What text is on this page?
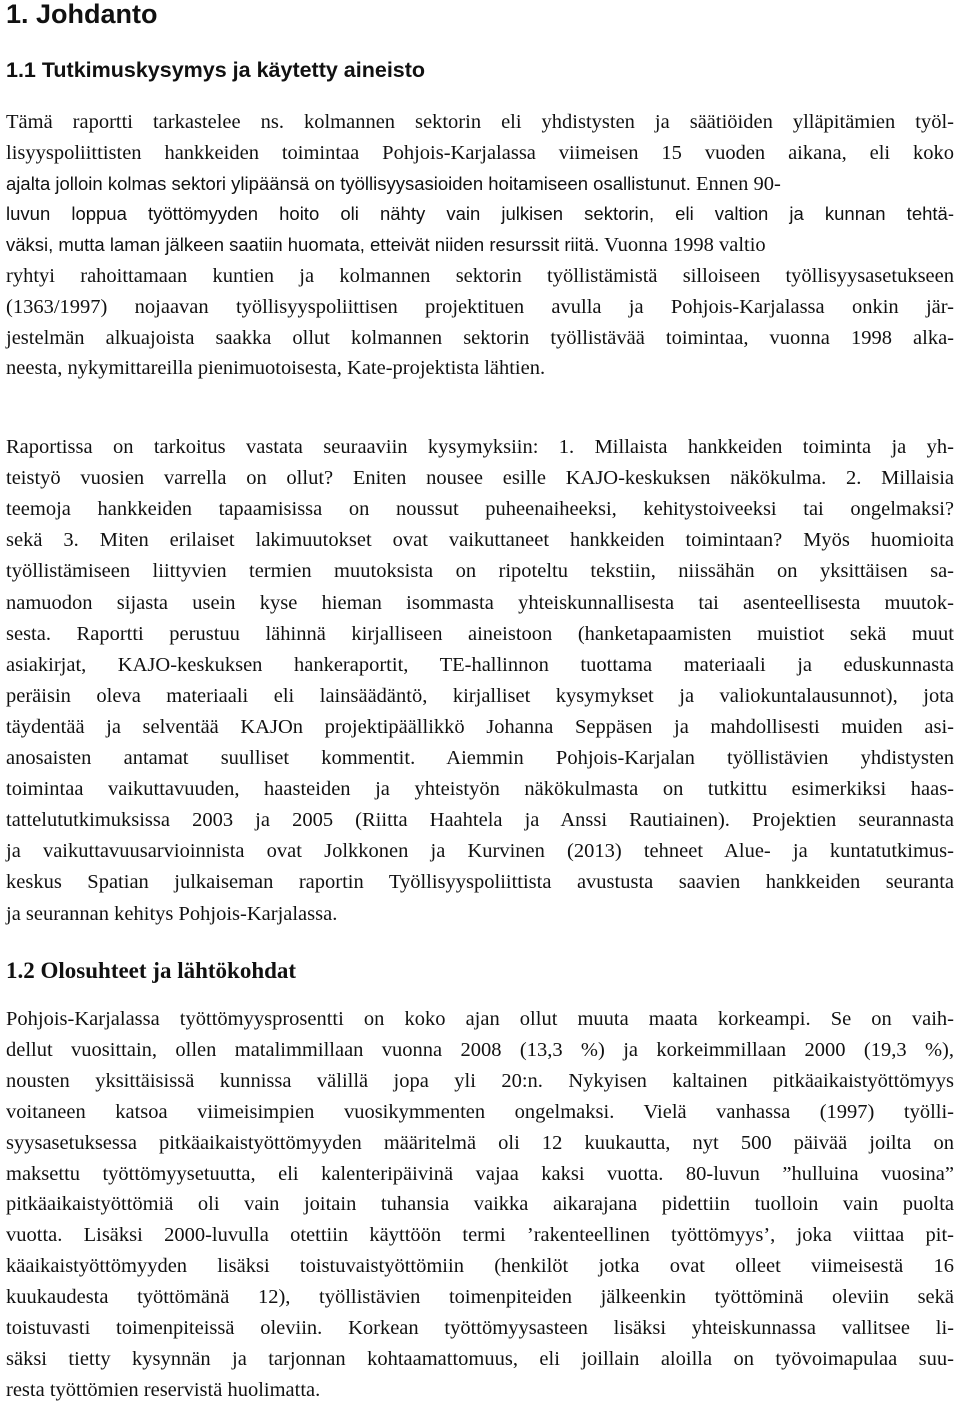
1. Johdanto
1.1 Tutkimuskysymys ja käytetty aineisto
Tämä raportti tarkastelee ns. kolmannen sektorin eli yhdistysten ja säätiöiden ylläpitämien työl-
lisyyspoliittisten hankkeiden toimintaa Pohjois-Karjalassa viimeisen 15 vuoden aikana, eli koko
ajalta jolloin kolmas sektori ylipäänsä on työllisyysasioiden hoitamiseen osallistunut. Ennen 90-
luvun loppua työttömyyden hoito oli nähty vain julkisen sektorin, eli valtion ja kunnan tehtä-
väksi, mutta laman jälkeen saatiin huomata, etteivät niiden resurssit riitä. Vuonna 1998 valtio
ryhtyi rahoittamaan kuntien ja kolmannen sektorin työllistämistä silloiseen työllisyysasetukseen
(1363/1997) nojaavan työllisyyspoliittisen projektituen avulla ja Pohjois-Karjalassa onkin jär-
jestelmän alkuajoista saakka ollut kolmannen sektorin työllistävää toimintaa, vuonna 1998 alka-
neesta, nykymittareilla pienimuotoisesta, Kate-projektista lähtien.
Raportissa on tarkoitus vastata seuraaviin kysymyksiin: 1. Millaista hankkeiden toiminta ja yh-
teistyö vuosien varrella on ollut? Eniten nousee esille KAJO-keskuksen näkökulma. 2. Millaisia
teemoja hankkeiden tapaamisissa on noussut puheenaiheeksi, kehitystoiveeksi tai ongelmaksi?
sekä 3. Miten erilaiset lakimuutokset ovat vaikuttaneet hankkeiden toimintaan? Myös huomioita
työllistämiseen liittyvien termien muutoksista on ripoteltu tekstiin, niissähän on yksittäisen sa-
namuodon sijasta usein kyse hieman isommasta yhteiskunnallisesta tai asenteellisesta muutok-
sesta. Raportti perustuu lähinnä kirjalliseen aineistoon (hanketapaamisten muistiot sekä muut
asiakirjat, KAJO-keskuksen hankeraportit, TE-hallinnon tuottama materiaali ja eduskunnasta
peräisin oleva materiaali eli lainsäädäntö, kirjalliset kysymykset ja valiokuntalausunnot), jota
täydentää ja selventää KAJOn projektipäällikkö Johanna Seppäsen ja mahdollisesti muiden asi-
anosaisten antamat suulliset kommentit. Aiemmin Pohjois-Karjalan työllistävien yhdistysten
toimintaa vaikuttavuuden, haasteiden ja yhteistyön näkökulmasta on tutkittu esimerkiksi haas-
tattelututkimuksissa 2003 ja 2005 (Riitta Haahtela ja Anssi Rautiainen). Projektien seurannasta
ja vaikuttavuusarvioinnista ovat Jolkkonen ja Kurvinen (2013) tehneet Alue- ja kuntatutkimus-
keskus Spatian julkaiseman raportin Työllisyyspoliittista avustusta saavien hankkeiden seuranta
ja seurannan kehitys Pohjois-Karjalassa.
1.2 Olosuhteet ja lähtökohdat
Pohjois-Karjalassa työttömyysprosentti on koko ajan ollut muuta maata korkeampi. Se on vaih-
dellut vuosittain, ollen matalimmillaan vuonna 2008 (13,3 %) ja korkeimmillaan 2000 (19,3 %),
nousten yksittäisissä kunnissa välillä jopa yli 20:n. Nykyisen kaltainen pitkäaikaistyöttömyys
voitaneen katsoa viimeisimpien vuosikymmenten ongelmaksi. Vielä vanhassa (1997) työlli-
syysasetuksessa pitkäaikaistyöttömyyden määritelmä oli 12 kuukautta, nyt 500 päivää joilta on
maksettu työttömyysetuutta, eli kalenteripäivinä vajaa kaksi vuotta. 80-luvun ”hulluina vuosina”
pitkäaikaistyöttömiä oli vain joitain tuhansia vaikka aikarajana pidettiin tuolloin vain puolta
vuotta. Lisäksi 2000-luvulla otettiin käyttöön termi ’rakenteellinen työttömyys’, joka viittaa pit-
käaikaistyöttömyyden lisäksi toistuvaistyöttömiin (henkilöt jotka ovat olleet viimeisestä 16
kuukaudesta työttömänä 12), työllistävien toimenpiteiden jälkeenkin työttöminä oleviin sekä
toistuvasti toimenpiteissä oleviin. Korkean työttömyysasteen lisäksi yhteiskunnassa vallitsee li-
säksi tietty kysynnän ja tarjonnan kohtaamattomuus, eli joillain aloilla on työvoimapulaa suu-
resta työttömien reservistä huolimatta.
